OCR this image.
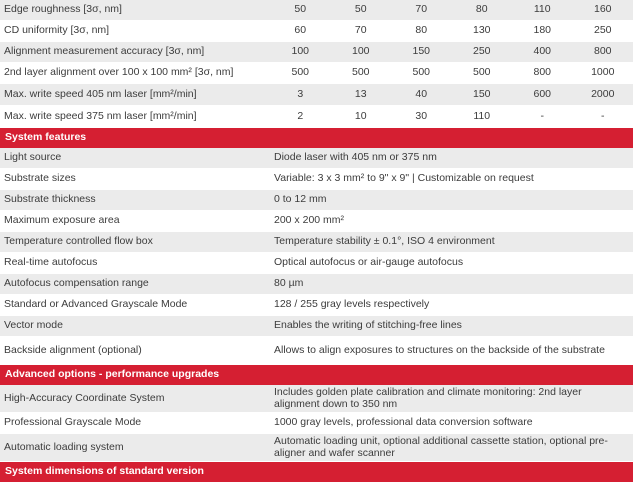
Edge roughness [3σ, nm]	50	50	70	80	110	160
CD uniformity [3σ, nm]	60	70	80	130	180	250
Alignment measurement accuracy [3σ, nm]	100	100	150	250	400	800
2nd layer alignment over 100 x 100 mm² [3σ, nm]	500	500	500	500	800	1000
Max. write speed 405 nm laser [mm²/min]	3	13	40	150	600	2000
Max. write speed 375 nm laser [mm²/min]	2	10	30	110	-	-
System features	
Light source	Diode laser with 405 nm or 375 nm
Substrate sizes	Variable: 3 x 3 mm² to 9" x 9" | Customizable on request
Substrate thickness	0 to 12 mm
Maximum exposure area	200 x 200 mm²
Temperature controlled flow box	Temperature stability ± 0.1°, ISO 4 environment
Real-time autofocus	Optical autofocus or air-gauge autofocus
Autofocus compensation range	80 µm
Standard or Advanced Grayscale Mode	128 / 255 gray levels respectively
Vector mode	Enables the writing of stitching-free lines
Backside alignment (optional)	Allows to align exposures to structures on the backside of the substrate
Advanced options - performance upgrades	
High-Accuracy Coordinate System	Includes golden plate calibration and climate monitoring: 2nd layer alignment down to 350 nm
Professional Grayscale Mode	1000 gray levels, professional data conversion software
Automatic loading system	Automatic loading unit, optional additional cassette station, optional pre-aligner and wafer scanner
System dimensions of standard version	
